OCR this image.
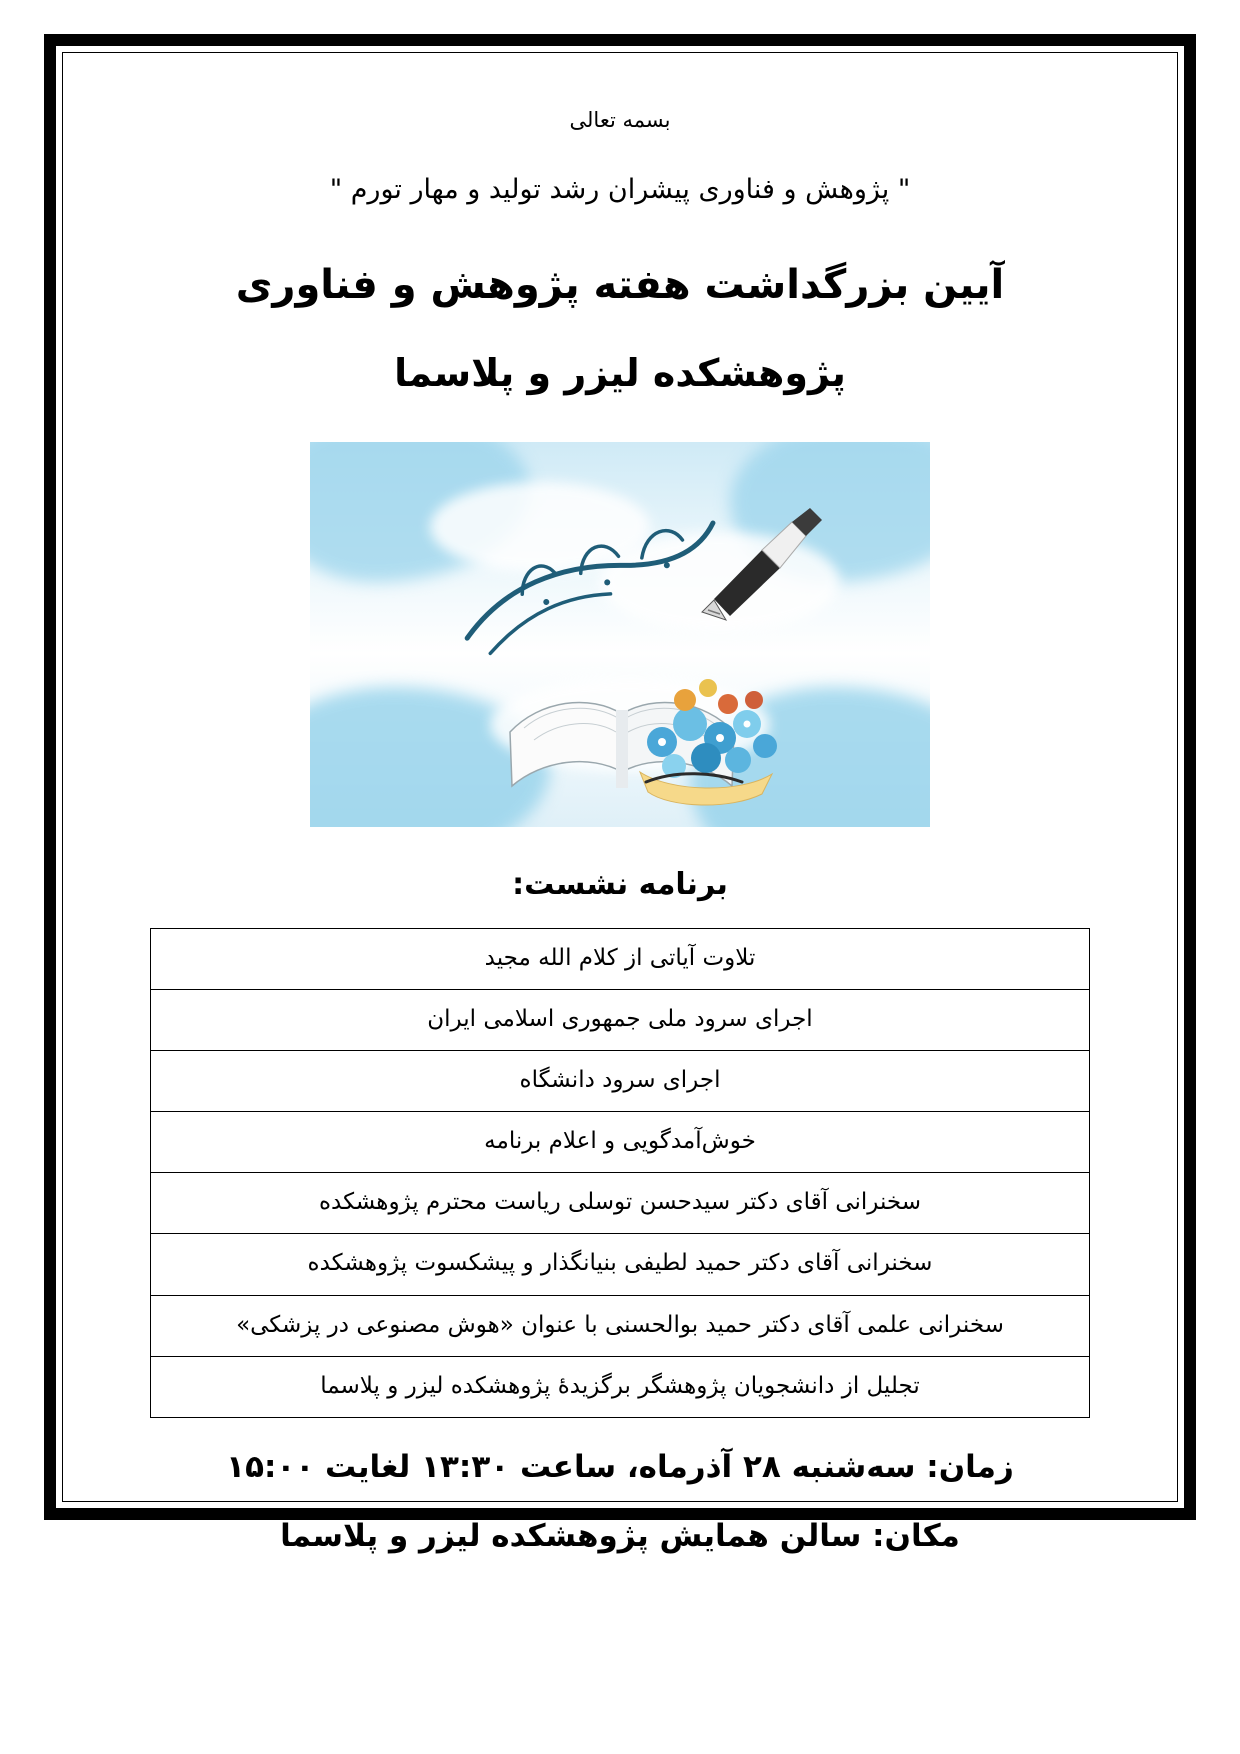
بسمه تعالی
" پژوهش و فناوری پیشران رشد تولید و مهار تورم "
آیین بزرگداشت هفته پژوهش و فناوری
پژوهشکده لیزر و پلاسما
برنامه نشست:
تلاوت آیاتی از کلام الله مجید
اجرای سرود ملی جمهوری اسلامی ایران
اجرای سرود دانشگاه
خوش‌آمدگویی و اعلام برنامه
سخنرانی آقای دکتر سیدحسن توسلی ریاست محترم پژوهشکده
سخنرانی آقای دکتر حمید لطیفی بنیانگذار و پیشکسوت پژوهشکده
سخنرانی علمی آقای دکتر حمید بوالحسنی با عنوان «هوش مصنوعی در پزشکی»
تجلیل از دانشجویان پژوهشگر برگزیدۀ پژوهشکده لیزر و پلاسما
زمان: سه‌شنبه ۲۸ آذرماه، ساعت ۱۳:۳۰ لغایت ۱۵:۰۰
مکان: سالن همایش پژوهشکده لیزر و پلاسما
